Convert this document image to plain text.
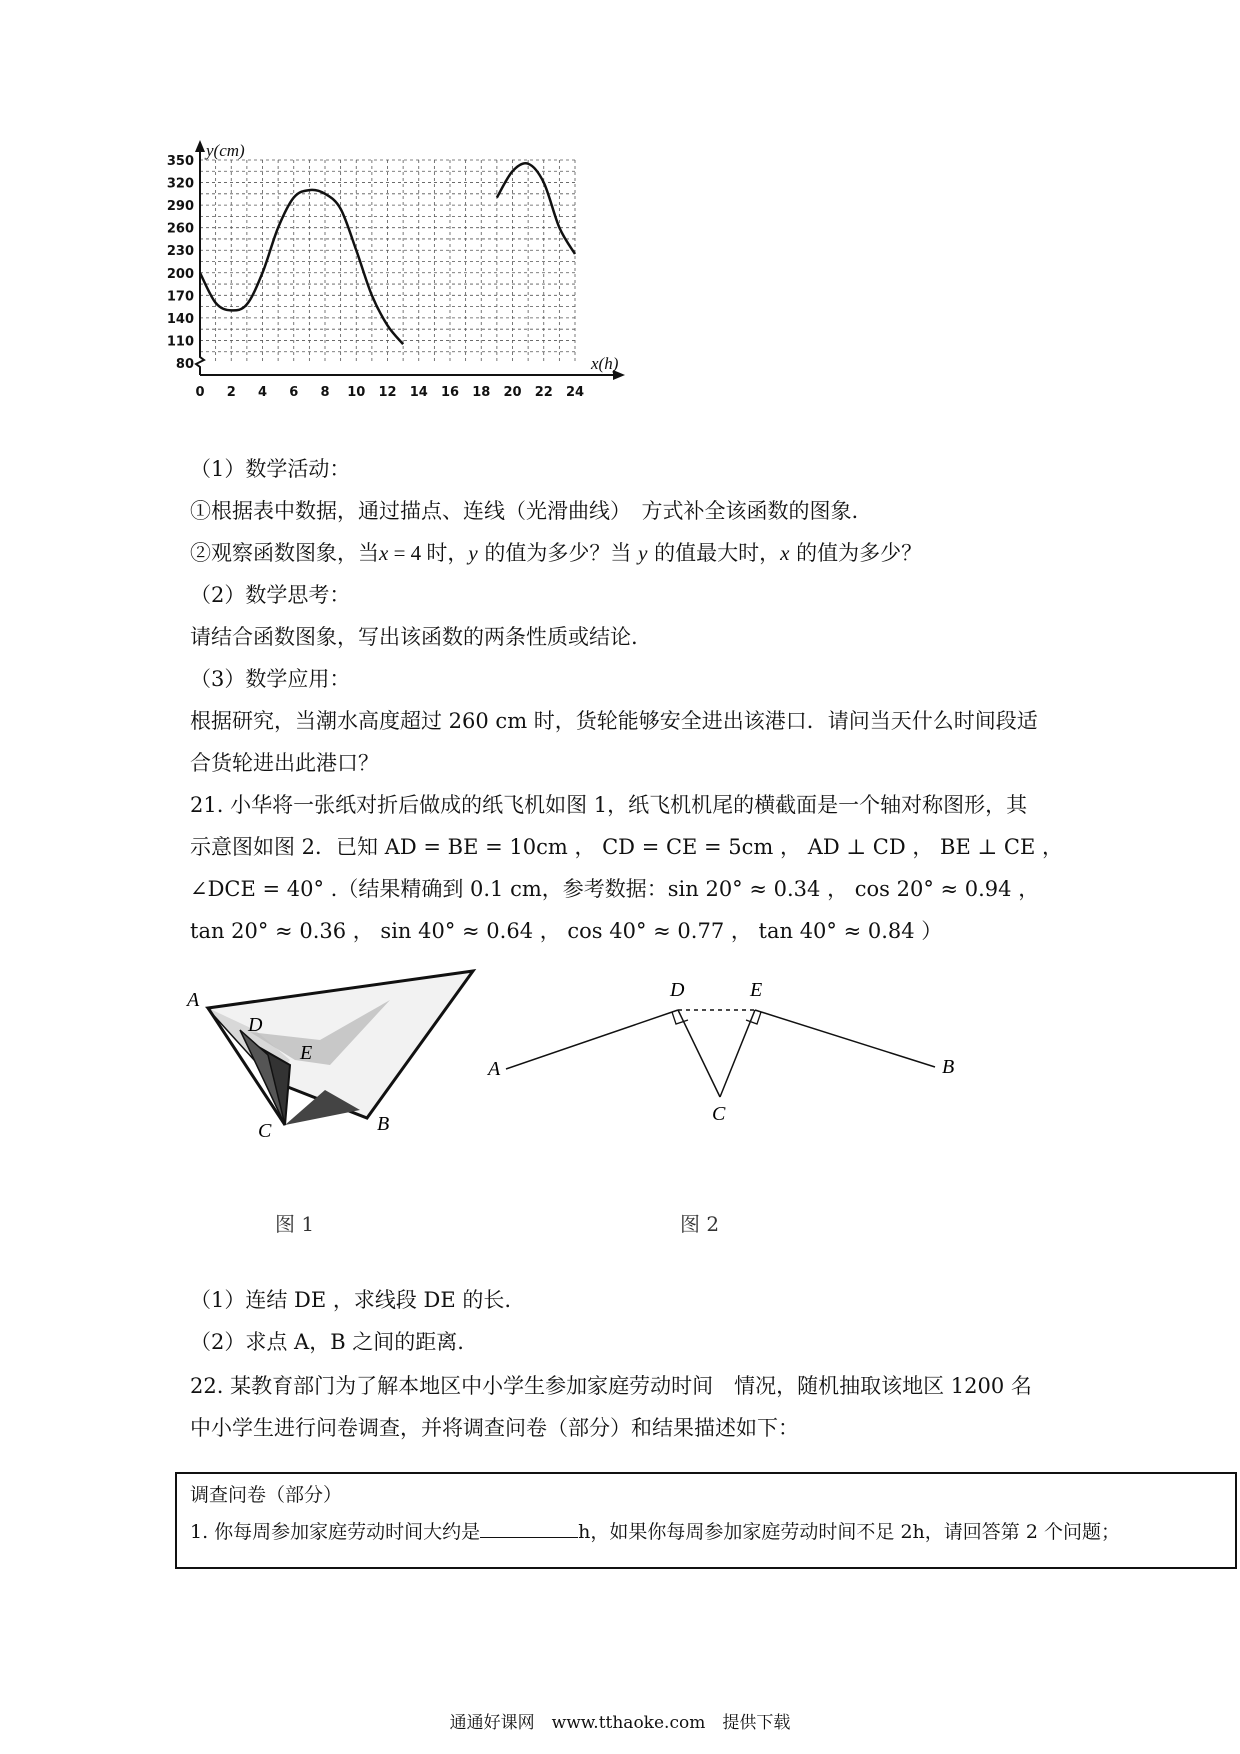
0 2 4 6 8 10 12 14 16 18 20 22 24
80
110
140
170
200
230
260
290
320
350
y(cm)
x(h)
（1）数学活动：
①根据表中数据，通过描点、连线（光滑曲线）　方式补全该函数的图象.
②观察函数图象，当x = 4 时，y 的值为多少？当 y 的值最大时，x 的值为多少？
（2）数学思考：
请结合函数图象，写出该函数的两条性质或结论.
（3）数学应用：
根据研究，当潮水高度超过 260 cm 时，货轮能够安全进出该港口．请问当天什么时间段适
合货轮进出此港口？
21. 小华将一张纸对折后做成的纸飞机如图 1，纸飞机机尾的横截面是一个轴对称图形，其
示意图如图 2．已知 AD = BE = 10cm ， CD = CE = 5cm ， AD ⊥ CD ， BE ⊥ CE ，
∠DCE = 40° .（结果精确到 0.1 cm，参考数据：sin 20° ≈ 0.34 ， cos 20° ≈ 0.94 ，
tan 20° ≈ 0.36 ， sin 40° ≈ 0.64 ， cos 40° ≈ 0.77 ， tan 40° ≈ 0.84 ）
A
D
E
C	B
A
D	E
C
B
图 1	图 2
（1）连结 DE ，求线段 DE 的长.
（2）求点 A，B 之间的距离.
22. 某教育部门为了解本地区中小学生参加家庭劳动时间　情况，随机抽取该地区 1200 名
中小学生进行问卷调查，并将调查问卷（部分）和结果描述如下：
调查问卷（部分）
1. 你每周参加家庭劳动时间大约是	h，如果你每周参加家庭劳动时间不足 2h，请回答第 2 个问题；
通通好课网　www.tthaoke.com　提供下载
